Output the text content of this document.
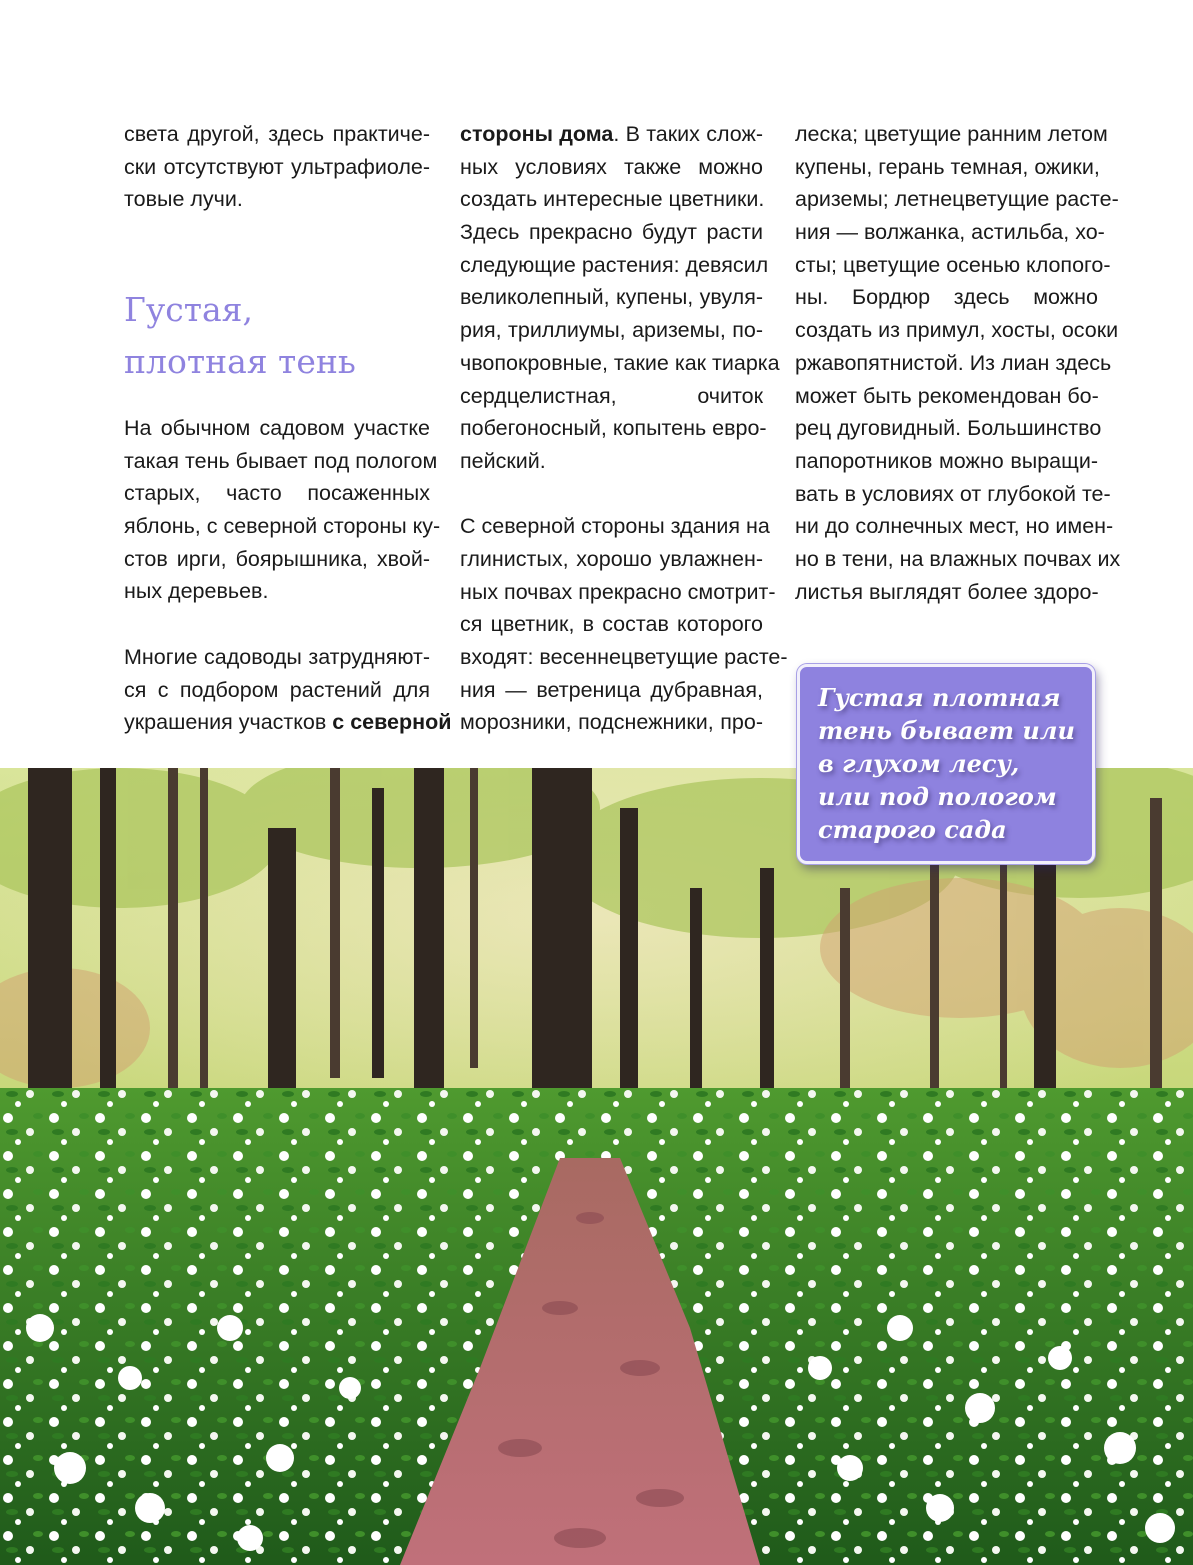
света другой, здесь практиче-
ски отсутствуют ультрафиоле-
товые лучи.
Густая,
плотная тень
На обычном садовом участке
такая тень бывает под пологом
старых, часто посаженных
яблонь, с северной стороны ку-
стов ирги, боярышника, хвой-
ных деревьев.
Многие садоводы затрудняют-
ся с подбором растений для
украшения участков с северной
стороны дома. В таких слож-
ных условиях также можно
создать интересные цветники.
Здесь прекрасно будут расти
следующие растения: девясил
великолепный, купены, увуля-
рия, триллиумы, ариземы, по-
чвопокровные, такие как тиарка
сердцелистная, очиток
побегоносный, копытень евро-
пейский.
С северной стороны здания на
глинистых, хорошо увлажнен-
ных почвах прекрасно смотрит-
ся цветник, в состав которого
входят: весеннецветущие расте-
ния — ветреница дубравная,
морозники, подснежники, про-
леска; цветущие ранним летом
купены, герань темная, ожики,
ариземы; летнецветущие расте-
ния — волжанка, астильба, хо-
сты; цветущие осенью клопого-
ны. Бордюр здесь можно
создать из примул, хосты, осоки
ржавопятнистой. Из лиан здесь
может быть рекомендован бо-
рец дуговидный. Большинство
папоротников можно выращи-
вать в условиях от глубокой те-
ни до солнечных мест, но имен-
но в тени, на влажных почвах их
листья выглядят более здоро-
Густая плотная
тень бывает или
в глухом лесу,
или под пологом
старого сада
